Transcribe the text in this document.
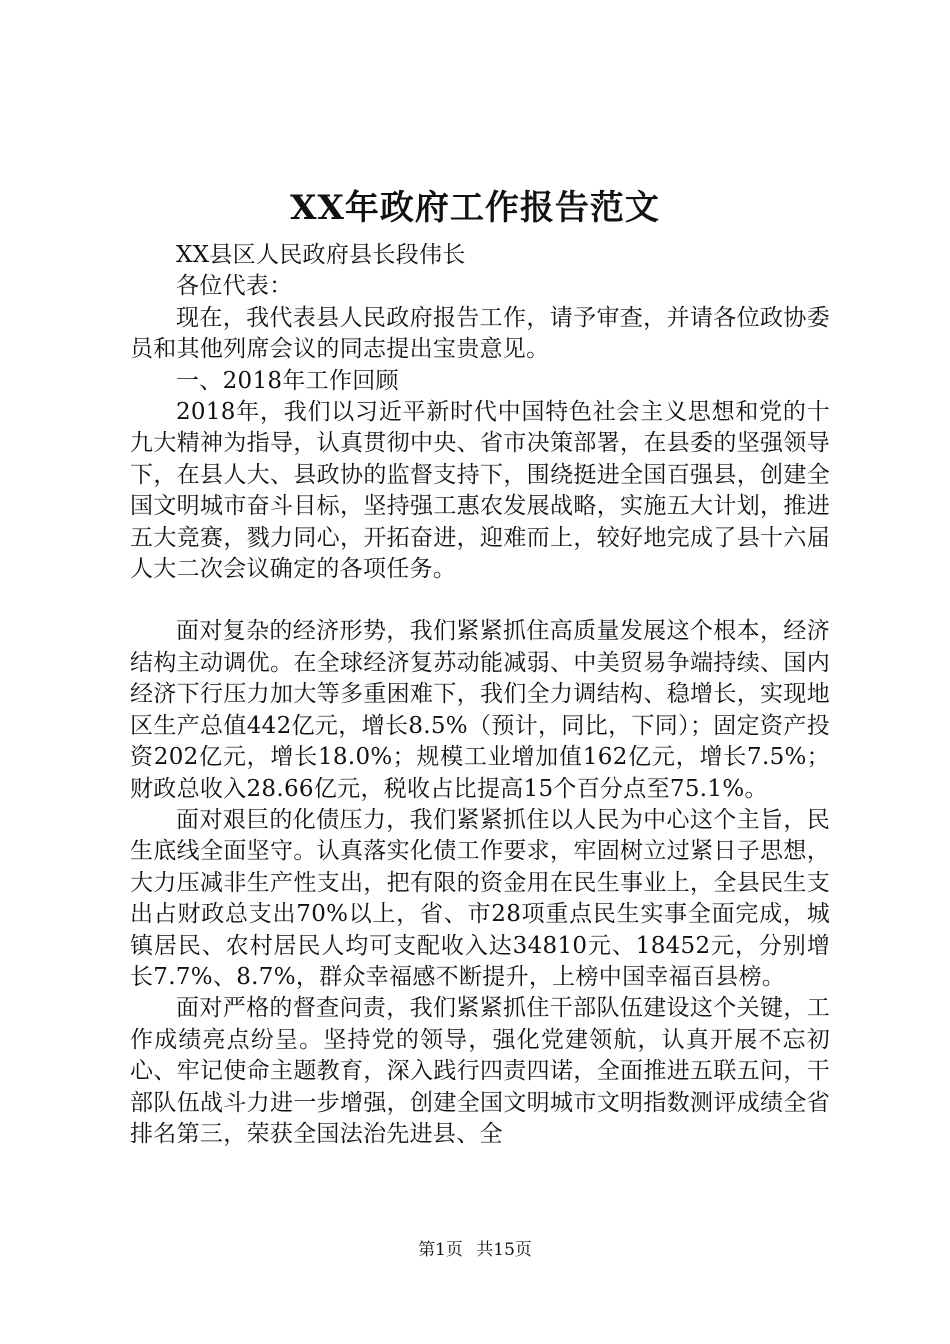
XX年政府工作报告范文

XX县区人民政府县长段伟长

各位代表：

现在，我代表县人民政府报告工作，请予审查，并请各位政协委员和其他列席会议的同志提出宝贵意见。

一、2018年工作回顾

2018年，我们以习近平新时代中国特色社会主义思想和党的十九大精神为指导，认真贯彻中央、省市决策部署，在县委的坚强领导下，在县人大、县政协的监督支持下，围绕挺进全国百强县，创建全国文明城市奋斗目标，坚持强工惠农发展战略，实施五大计划，推进五大竞赛，戮力同心，开拓奋进，迎难而上，较好地完成了县十六届人大二次会议确定的各项任务。

面对复杂的经济形势，我们紧紧抓住高质量发展这个根本，经济结构主动调优。在全球经济复苏动能减弱、中美贸易争端持续、国内经济下行压力加大等多重困难下，我们全力调结构、稳增长，实现地区生产总值442亿元，增长8.5%（预计，同比，下同）；固定资产投资202亿元，增长18.0%；规模工业增加值162亿元，增长7.5%；财政总收入28.66亿元，税收占比提高15个百分点至75.1%。

面对艰巨的化债压力，我们紧紧抓住以人民为中心这个主旨，民生底线全面坚守。认真落实化债工作要求，牢固树立过紧日子思想，大力压减非生产性支出，把有限的资金用在民生事业上，全县民生支出占财政总支出70%以上，省、市28项重点民生实事全面完成，城镇居民、农村居民人均可支配收入达34810元、18452元，分别增长7.7%、8.7%，群众幸福感不断提升，上榜中国幸福百县榜。

面对严格的督查问责，我们紧紧抓住干部队伍建设这个关键，工作成绩亮点纷呈。坚持党的领导，强化党建领航，认真开展不忘初心、牢记使命主题教育，深入践行四责四诺，全面推进五联五问，干部队伍战斗力进一步增强，创建全国文明城市文明指数测评成绩全省排名第三，荣获全国法治先进县、全

第1页 共15页
